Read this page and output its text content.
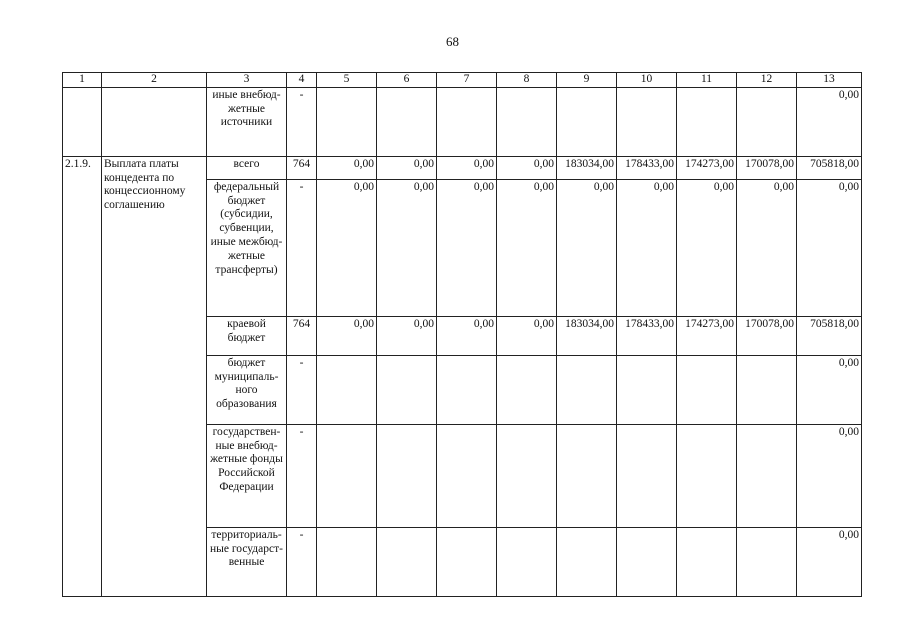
68
1	2	3	4	5	6	7	8	9	10	11	12	13
		иные внебюд-жетные источники	-									0,00
2.1.9.	Выплата платы концедента по концессионному соглашению	всего	764	0,00	0,00	0,00	0,00	183034,00	178433,00	174273,00	170078,00	705818,00
		федеральный бюджет (субсидии, субвенции, иные межбюд-жетные трансферты)	-	0,00	0,00	0,00	0,00	0,00	0,00	0,00	0,00	0,00
		краевой бюджет	764	0,00	0,00	0,00	0,00	183034,00	178433,00	174273,00	170078,00	705818,00
		бюджет муниципаль-ного образования	-									0,00
		государствен-ные внебюд-жетные фонды Российской Федерации	-									0,00
		территориаль-ные государст-венные	-									0,00
